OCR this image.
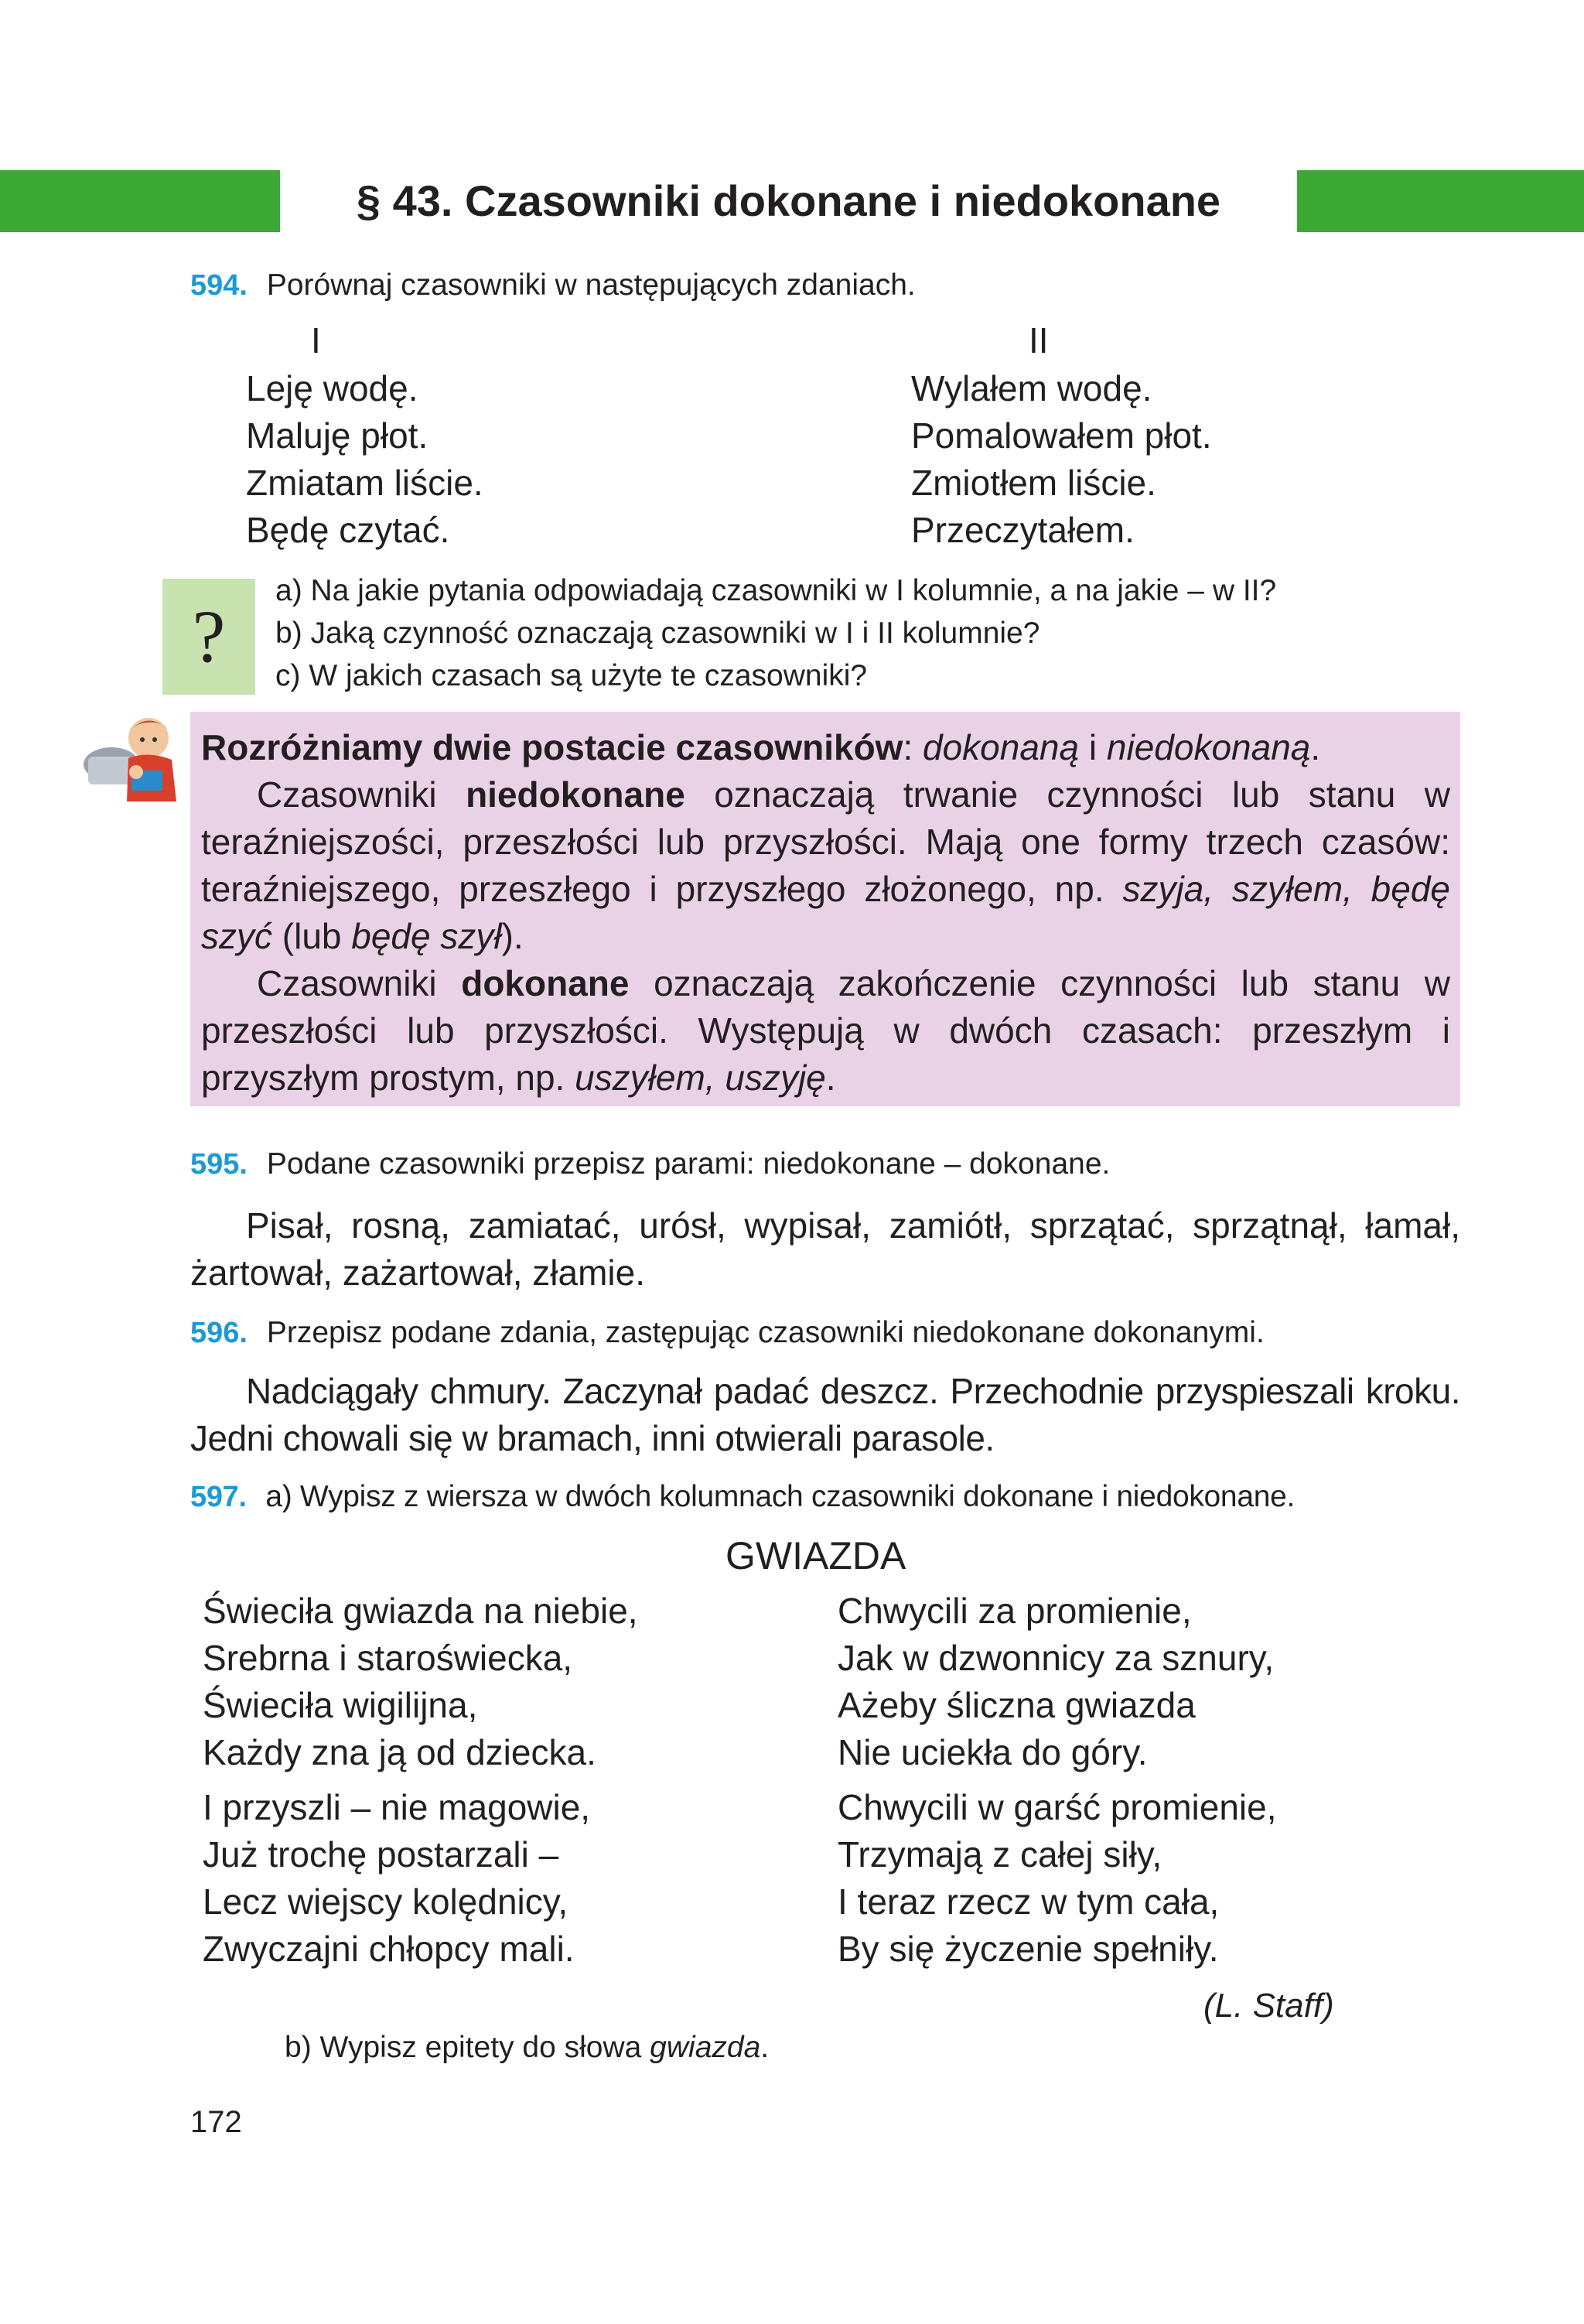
§ 43. Czasowniki dokonane i niedokonane
594. Porównaj czasowniki w następujących zdaniach.
I	II
Leję wodę.
Maluję płot.
Zmiatam liście.
Będę czytać.
Wylałem wodę.
Pomalowałem płot.
Zmiotłem liście.
Przeczytałem.
?
a) Na jakie pytania odpowiadają czasowniki w I kolumnie, a na jakie – w II?
b) Jaką czynność oznaczają czasowniki w I i II kolumnie?
c) W jakich czasach są użyte te czasowniki?
Rozróżniamy dwie postacie czasowników: dokonaną i niedokonaną.
Czasowniki niedokonane oznaczają trwanie czynności lub stanu w teraźniejszości, przeszłości lub przyszłości. Mają one formy trzech czasów: teraźniejszego, przeszłego i przyszłego złożonego, np. szyja, szyłem, będę szyć (lub będę szył).
Czasowniki dokonane oznaczają zakończenie czynności lub stanu w przeszłości lub przyszłości. Występują w dwóch czasach: przeszłym i przyszłym prostym, np. uszyłem, uszyję.
595. Podane czasowniki przepisz parami: niedokonane – dokonane.
Pisał, rosną, zamiatać, urósł, wypisał, zamiótł, sprzątać, sprzątnął, łamał, żartował, zażartował, złamie.
596. Przepisz podane zdania, zastępując czasowniki niedokonane dokonanymi.
Nadciągały chmury. Zaczynał padać deszcz. Przechodnie przyspieszali kroku. Jedni chowali się w bramach, inni otwierali parasole.
597. a) Wypisz z wiersza w dwóch kolumnach czasowniki dokonane i niedokonane.
GWIAZDA
Świeciła gwiazda na niebie,
Srebrna i staroświecka,
Świeciła wigilijna,
Każdy zna ją od dziecka.
I przyszli – nie magowie,
Już trochę postarzali –
Lecz wiejscy kolędnicy,
Zwyczajni chłopcy mali.
Chwycili za promienie,
Jak w dzwonnicy za sznury,
Ażeby śliczna gwiazda
Nie uciekła do góry.
Chwycili w garść promienie,
Trzymają z całej siły,
I teraz rzecz w tym cała,
By się życzenie spełniły.
(L. Staff)
b) Wypisz epitety do słowa gwiazda.
172
